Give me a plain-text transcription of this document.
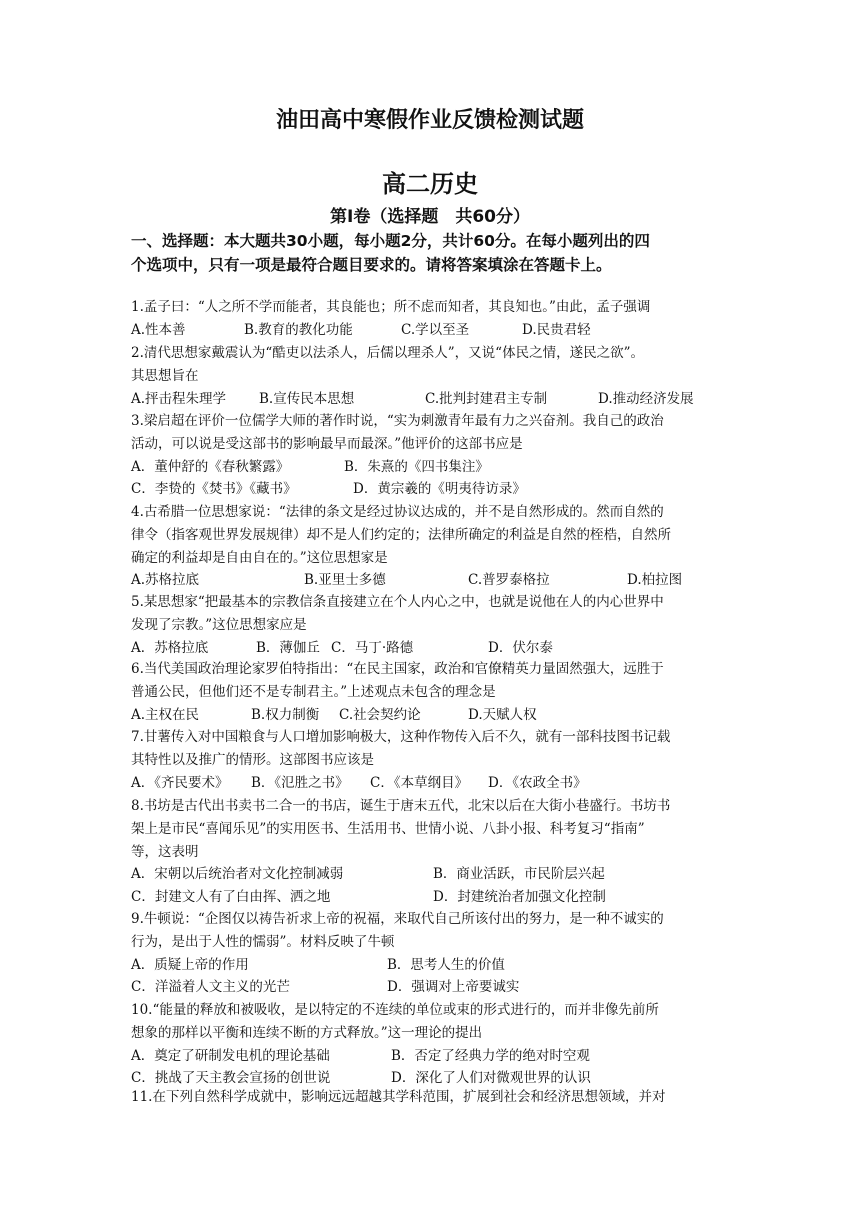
油田高中寒假作业反馈检测试题
高二历史
第Ⅰ卷（选择题　共60分）
一、选择题：本大题共30小题，每小题2分，共计60分。在每小题列出的四
个选项中，只有一项是最符合题目要求的。请将答案填涂在答题卡上。
1.孟子曰：“人之所不学而能者，其良能也；所不虑而知者，其良知也。”由此，孟子强调
A.性本善	B.教育的教化功能	C.学以至圣	D.民贵君轻
2.清代思想家戴震认为“酷吏以法杀人，后儒以理杀人”，又说“体民之情，遂民之欲”。
其思想旨在
A.抨击程朱理学 B.宣传民本思想	C.批判封建君主专制	D.推动经济发展
3.梁启超在评价一位儒学大师的著作时说，“实为刺激青年最有力之兴奋剂。我自己的政治
活动，可以说是受这部书的影响最早而最深。”他评价的这部书应是
A．董仲舒的《春秋繁露》	B．朱熹的《四书集注》
C．李贽的《焚书》《藏书》	D．黄宗羲的《明夷待访录》
4.古希腊一位思想家说：“法律的条文是经过协议达成的，并不是自然形成的。然而自然的
律令（指客观世界发展规律）却不是人们约定的；法律所确定的利益是自然的桎梏，自然所
确定的利益却是自由自在的。”这位思想家是
A.苏格拉底	B.亚里士多德	C.普罗泰格拉	D.柏拉图
5.某思想家“把最基本的宗教信条直接建立在个人内心之中，也就是说他在人的内心世界中
发现了宗教。”这位思想家应是
A．苏格拉底	B．薄伽丘 C．马丁·路德	D．伏尔泰
6.当代美国政治理论家罗伯特指出：“在民主国家，政治和官僚精英力量固然强大，远胜于
普通公民，但他们还不是专制君主。”上述观点未包含的理念是
A.主权在民	B.权力制衡 C.社会契约论	D.天赋人权
7.甘薯传入对中国粮食与人口增加影响极大，这种作物传入后不久，就有一部科技图书记载
其特性以及推广的情形。这部图书应该是
A．《齐民要术》 B．《氾胜之书》 C．《本草纲目》 D．《农政全书》
8.书坊是古代出书卖书二合一的书店，诞生于唐末五代，北宋以后在大街小巷盛行。书坊书
架上是市民“喜闻乐见”的实用医书、生活用书、世情小说、八卦小报、科考复习“指南”
等，这表明
A．宋朝以后统治者对文化控制减弱	B．商业活跃，市民阶层兴起
C．封建文人有了白由挥、洒之地	D．封建统治者加强文化控制
9.牛顿说：“企图仅以祷告祈求上帝的祝福，来取代自己所该付出的努力，是一种不诚实的
行为，是出于人性的懦弱”。材料反映了牛顿
A．质疑上帝的作用	B．思考人生的价值
C．洋溢着人文主义的光芒	D．强调对上帝要诚实
10.“能量的释放和被吸收，是以特定的不连续的单位或束的形式进行的，而并非像先前所
想象的那样以平衡和连续不断的方式释放。”这一理论的提出
A．奠定了研制发电机的理论基础	B．否定了经典力学的绝对时空观
C．挑战了天主教会宣扬的创世说	D．深化了人们对微观世界的认识
11.在下列自然科学成就中，影响远远超越其学科范围，扩展到社会和经济思想领域，并对
